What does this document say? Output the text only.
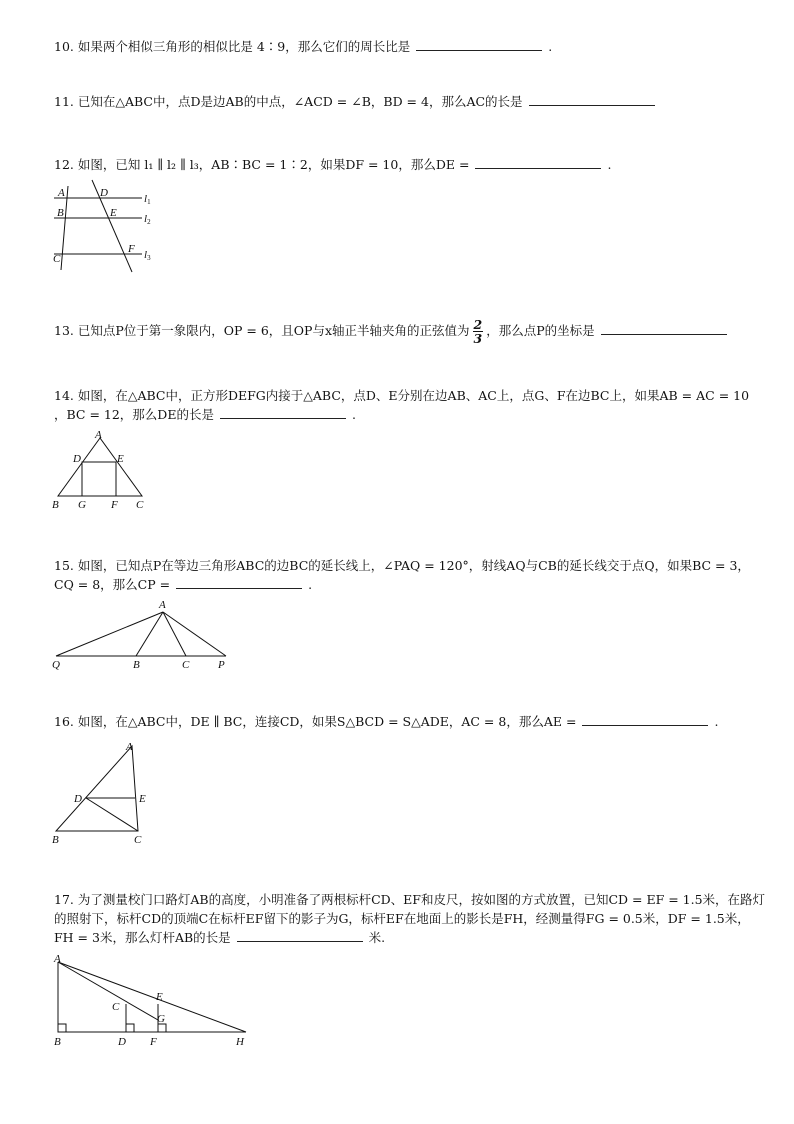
10. 如果两个相似三角形的相似比是 4∶9，那么它们的周长比是	.
11. 已知在△ABC中，点D是边AB的中点，∠ACD = ∠B，BD = 4，那么AC的长是
12. 如图，已知 l₁ ∥ l₂ ∥ l₃，AB∶BC = 1∶2，如果DF = 10，那么DE =	.
A
B
C
D
E
F
l1
l2
l3
13. 已知点P位于第一象限内，OP = 6，且OP与x轴正半轴夹角的正弦值为 $\frac{2}{3}$ ，那么点P的坐标是
14. 如图，在△ABC中，正方形DEFG内接于△ABC，点D、E分别在边AB、AC上，点G、F在边BC上，如果AB = AC = 10
，BC = 12，那么DE的长是	.
A
D	E
B G F C
15. 如图，已知点P在等边三角形ABC的边BC的延长线上，∠PAQ = 120°，射线AQ与CB的延长线交于点Q，如果BC = 3，
CQ = 8，那么CP =	.
A
Q	B	C	P
16. 如图，在△ABC中，DE ∥ BC，连接CD，如果S△BCD = S△ADE，AC = 8，那么AE =	.
A
D	E
B	C
17. 为了测量校门口路灯AB的高度，小明准备了两根标杆CD、EF和皮尺，按如图的方式放置，已知CD = EF = 1.5米，在路灯
的照射下，标杆CD的顶端C在标杆EF留下的影子为G，标杆EF在地面上的影长是FH，经测量得FG = 0.5米，DF = 1.5米，
FH = 3米，那么灯杆AB的长是	米.
A
C
E
G
B	D F	H
